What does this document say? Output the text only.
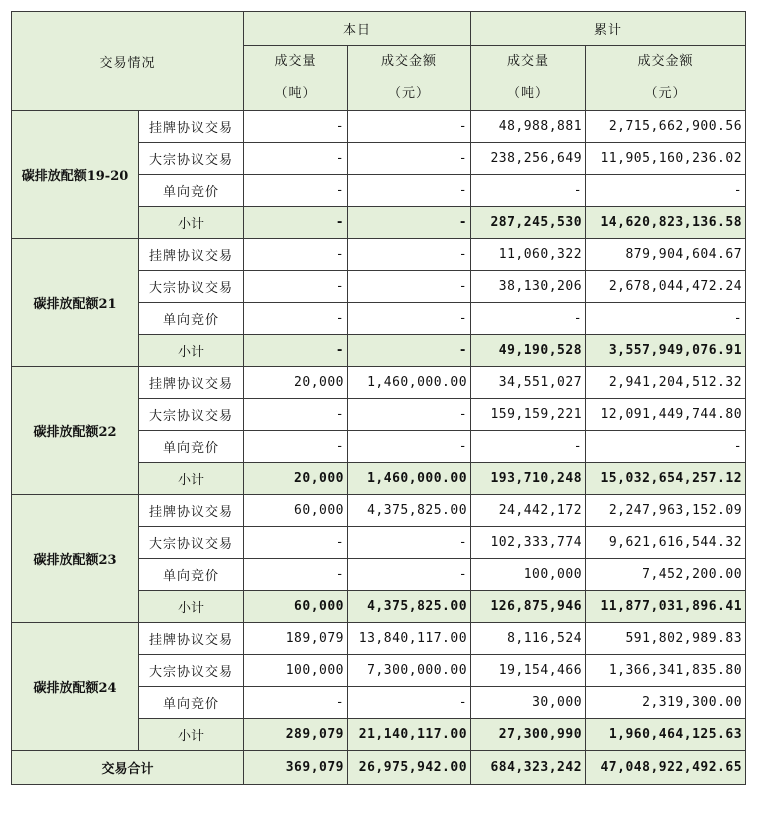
交易情况		本日		累计	
		成交量	成交金额	成交量	成交金额
		（吨）	（元）	（吨）	（元）
碳排放配额19-20	挂牌协议交易	-	-	48,988,881	2,715,662,900.56
	大宗协议交易	-	-	238,256,649	11,905,160,236.02
	单向竞价	-	-	-	-
	小计	-	-	287,245,530	14,620,823,136.58
碳排放配额21	挂牌协议交易	-	-	11,060,322	879,904,604.67
	大宗协议交易	-	-	38,130,206	2,678,044,472.24
	单向竞价	-	-	-	-
	小计	-	-	49,190,528	3,557,949,076.91
碳排放配额22	挂牌协议交易	20,000	1,460,000.00	34,551,027	2,941,204,512.32
	大宗协议交易	-	-	159,159,221	12,091,449,744.80
	单向竞价	-	-	-	-
	小计	20,000	1,460,000.00	193,710,248	15,032,654,257.12
碳排放配额23	挂牌协议交易	60,000	4,375,825.00	24,442,172	2,247,963,152.09
	大宗协议交易	-	-	102,333,774	9,621,616,544.32
	单向竞价	-	-	100,000	7,452,200.00
	小计	60,000	4,375,825.00	126,875,946	11,877,031,896.41
碳排放配额24	挂牌协议交易	189,079	13,840,117.00	8,116,524	591,802,989.83
	大宗协议交易	100,000	7,300,000.00	19,154,466	1,366,341,835.80
	单向竞价	-	-	30,000	2,319,300.00
	小计	289,079	21,140,117.00	27,300,990	1,960,464,125.63
交易合计		369,079	26,975,942.00	684,323,242	47,048,922,492.65
